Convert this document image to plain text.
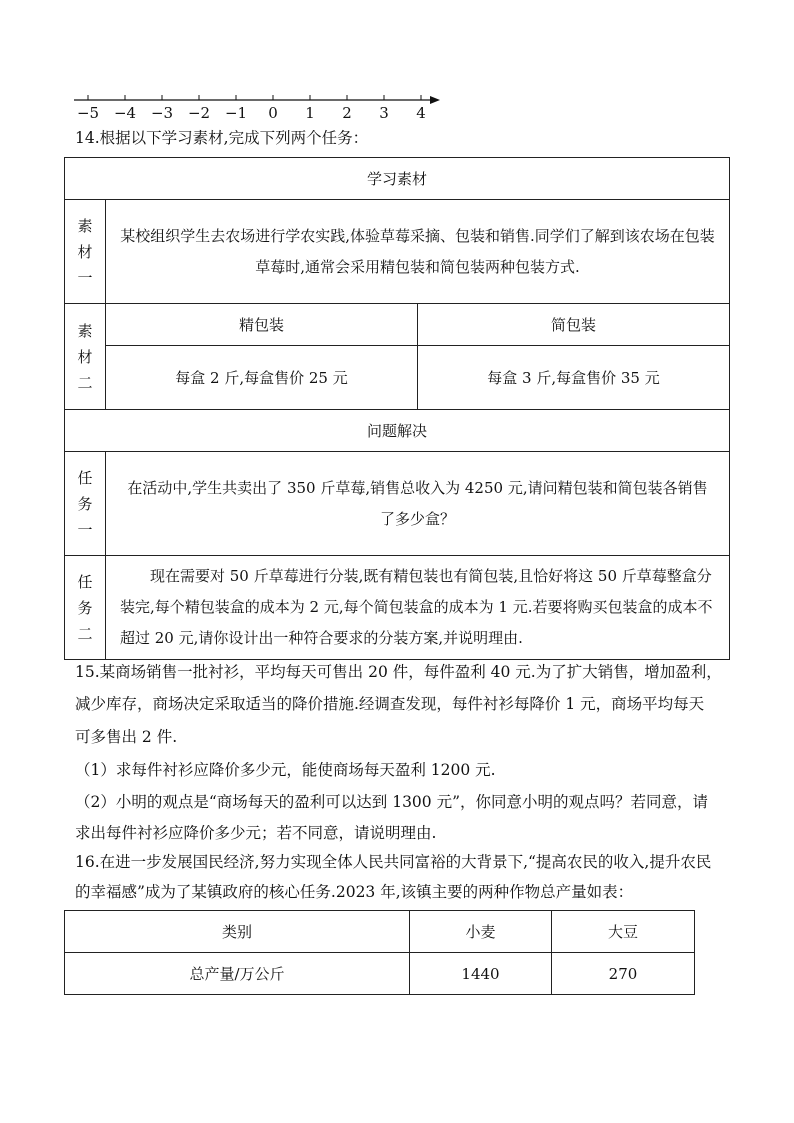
−5 −4 −3 −2 −1 0 1 2 3 4
14.根据以下学习素材,完成下列两个任务：
学习素材		

素
材
一	某校组织学生去农场进行学农实践,体验草莓采摘、包装和销售.同学们了解到该农场在包装草莓时,通常会采用精包装和简包装两种包装方式.	

素
材
二	精包装	简包装
	每盒 2 斤,每盒售价 25 元	每盒 3 斤,每盒售价 35 元
问题解决		

任
务
一	在活动中,学生共卖出了 350 斤草莓,销售总收入为 4250 元,请问精包装和简包装各销售了多少盒？	

任
务
二	现在需要对 50 斤草莓进行分装,既有精包装也有简包装,且恰好将这 50 斤草莓整盒分装完,每个精包装盒的成本为 2 元,每个简包装盒的成本为 1 元.若要将购买包装盒的成本不超过 20 元,请你设计出一种符合要求的分装方案,并说明理由.	
15.某商场销售一批衬衫，平均每天可售出 20 件，每件盈利 40 元.为了扩大销售，增加盈利，
减少库存，商场决定采取适当的降价措施.经调查发现，每件衬衫每降价 1 元，商场平均每天
可多售出 2 件.
（1）求每件衬衫应降价多少元，能使商场每天盈利 1200 元.
（2）小明的观点是“商场每天的盈利可以达到 1300 元”，你同意小明的观点吗？若同意，请
求出每件衬衫应降价多少元；若不同意，请说明理由.
16.在进一步发展国民经济,努力实现全体人民共同富裕的大背景下,“提高农民的收入,提升农民
的幸福感”成为了某镇政府的核心任务.2023 年,该镇主要的两种作物总产量如表：
类别	小麦	大豆
总产量/万公斤	1440	270
